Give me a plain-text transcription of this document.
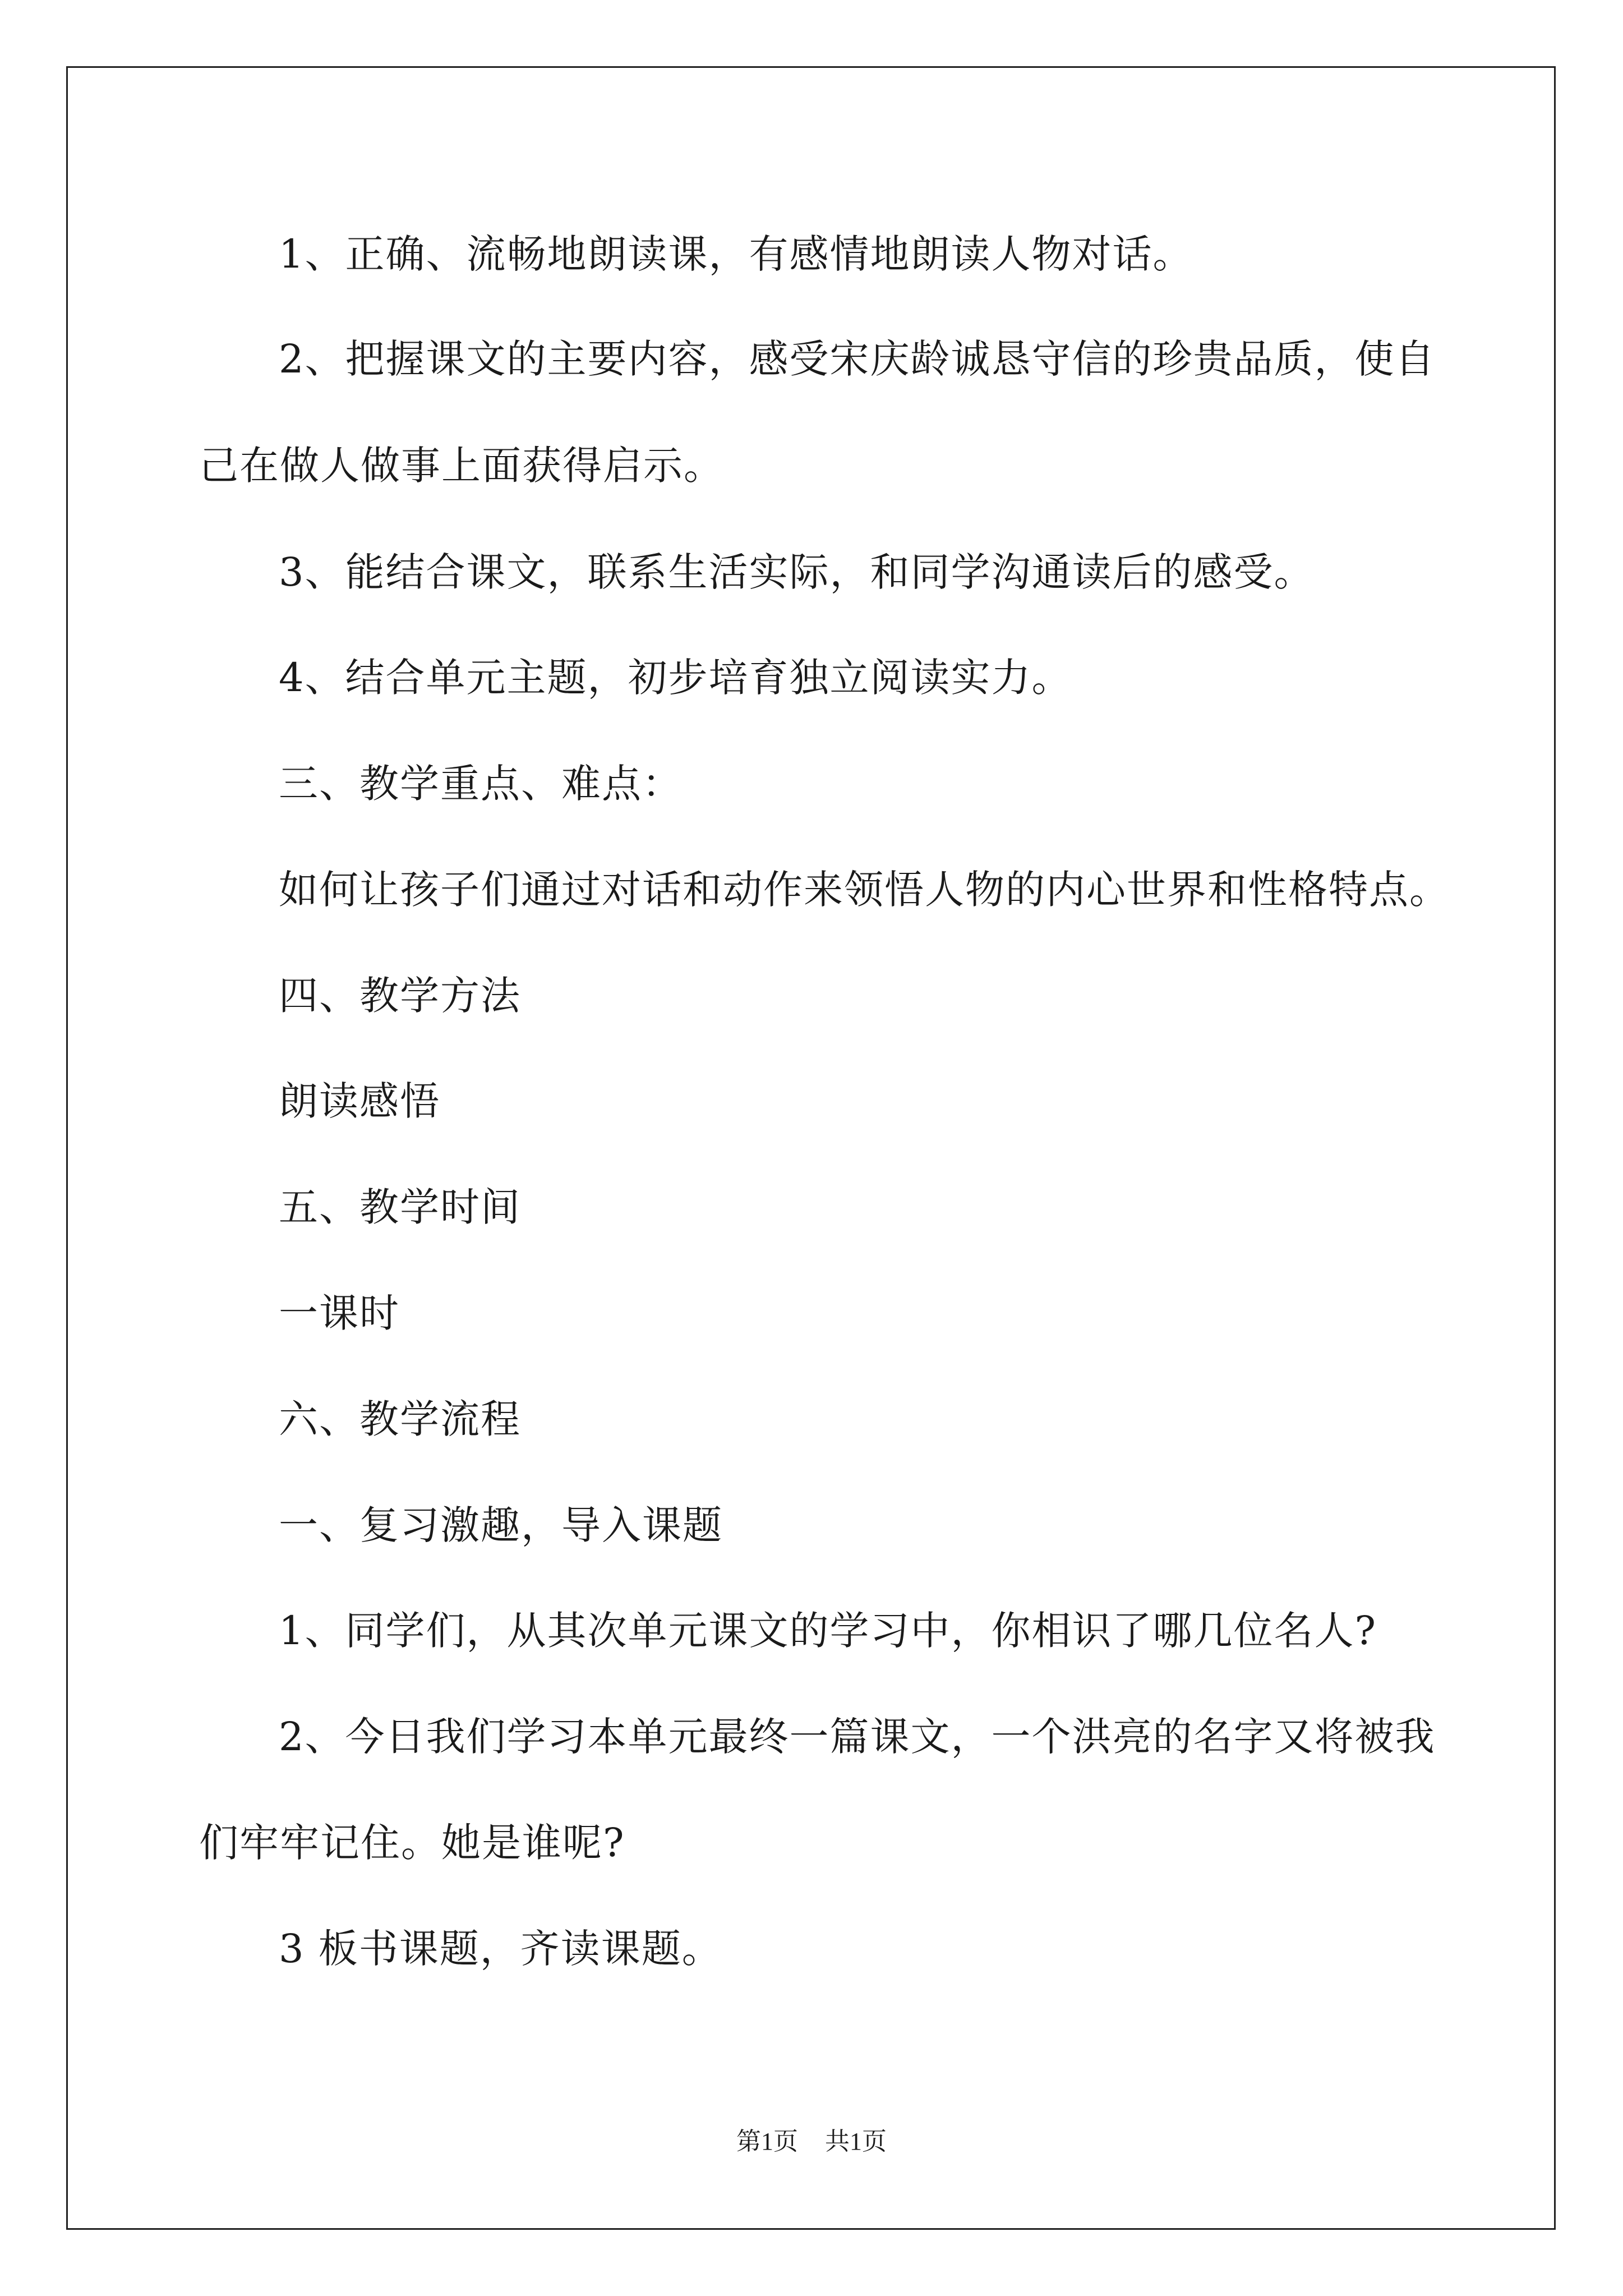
1、正确、流畅地朗读课，有感情地朗读人物对话。
2、把握课文的主要内容，感受宋庆龄诚恳守信的珍贵品质，使自
己在做人做事上面获得启示。
3、能结合课文，联系生活实际，和同学沟通读后的感受。
4、结合单元主题，初步培育独立阅读实力。
三、教学重点、难点：
如何让孩子们通过对话和动作来领悟人物的内心世界和性格特点。
四、教学方法
朗读感悟
五、教学时间
一课时
六、教学流程
一、复习激趣，导入课题
1、同学们，从其次单元课文的学习中，你相识了哪几位名人?
2、今日我们学习本单元最终一篇课文，一个洪亮的名字又将被我
们牢牢记住。她是谁呢?
3 板书课题，齐读课题。
第1页 共1页
